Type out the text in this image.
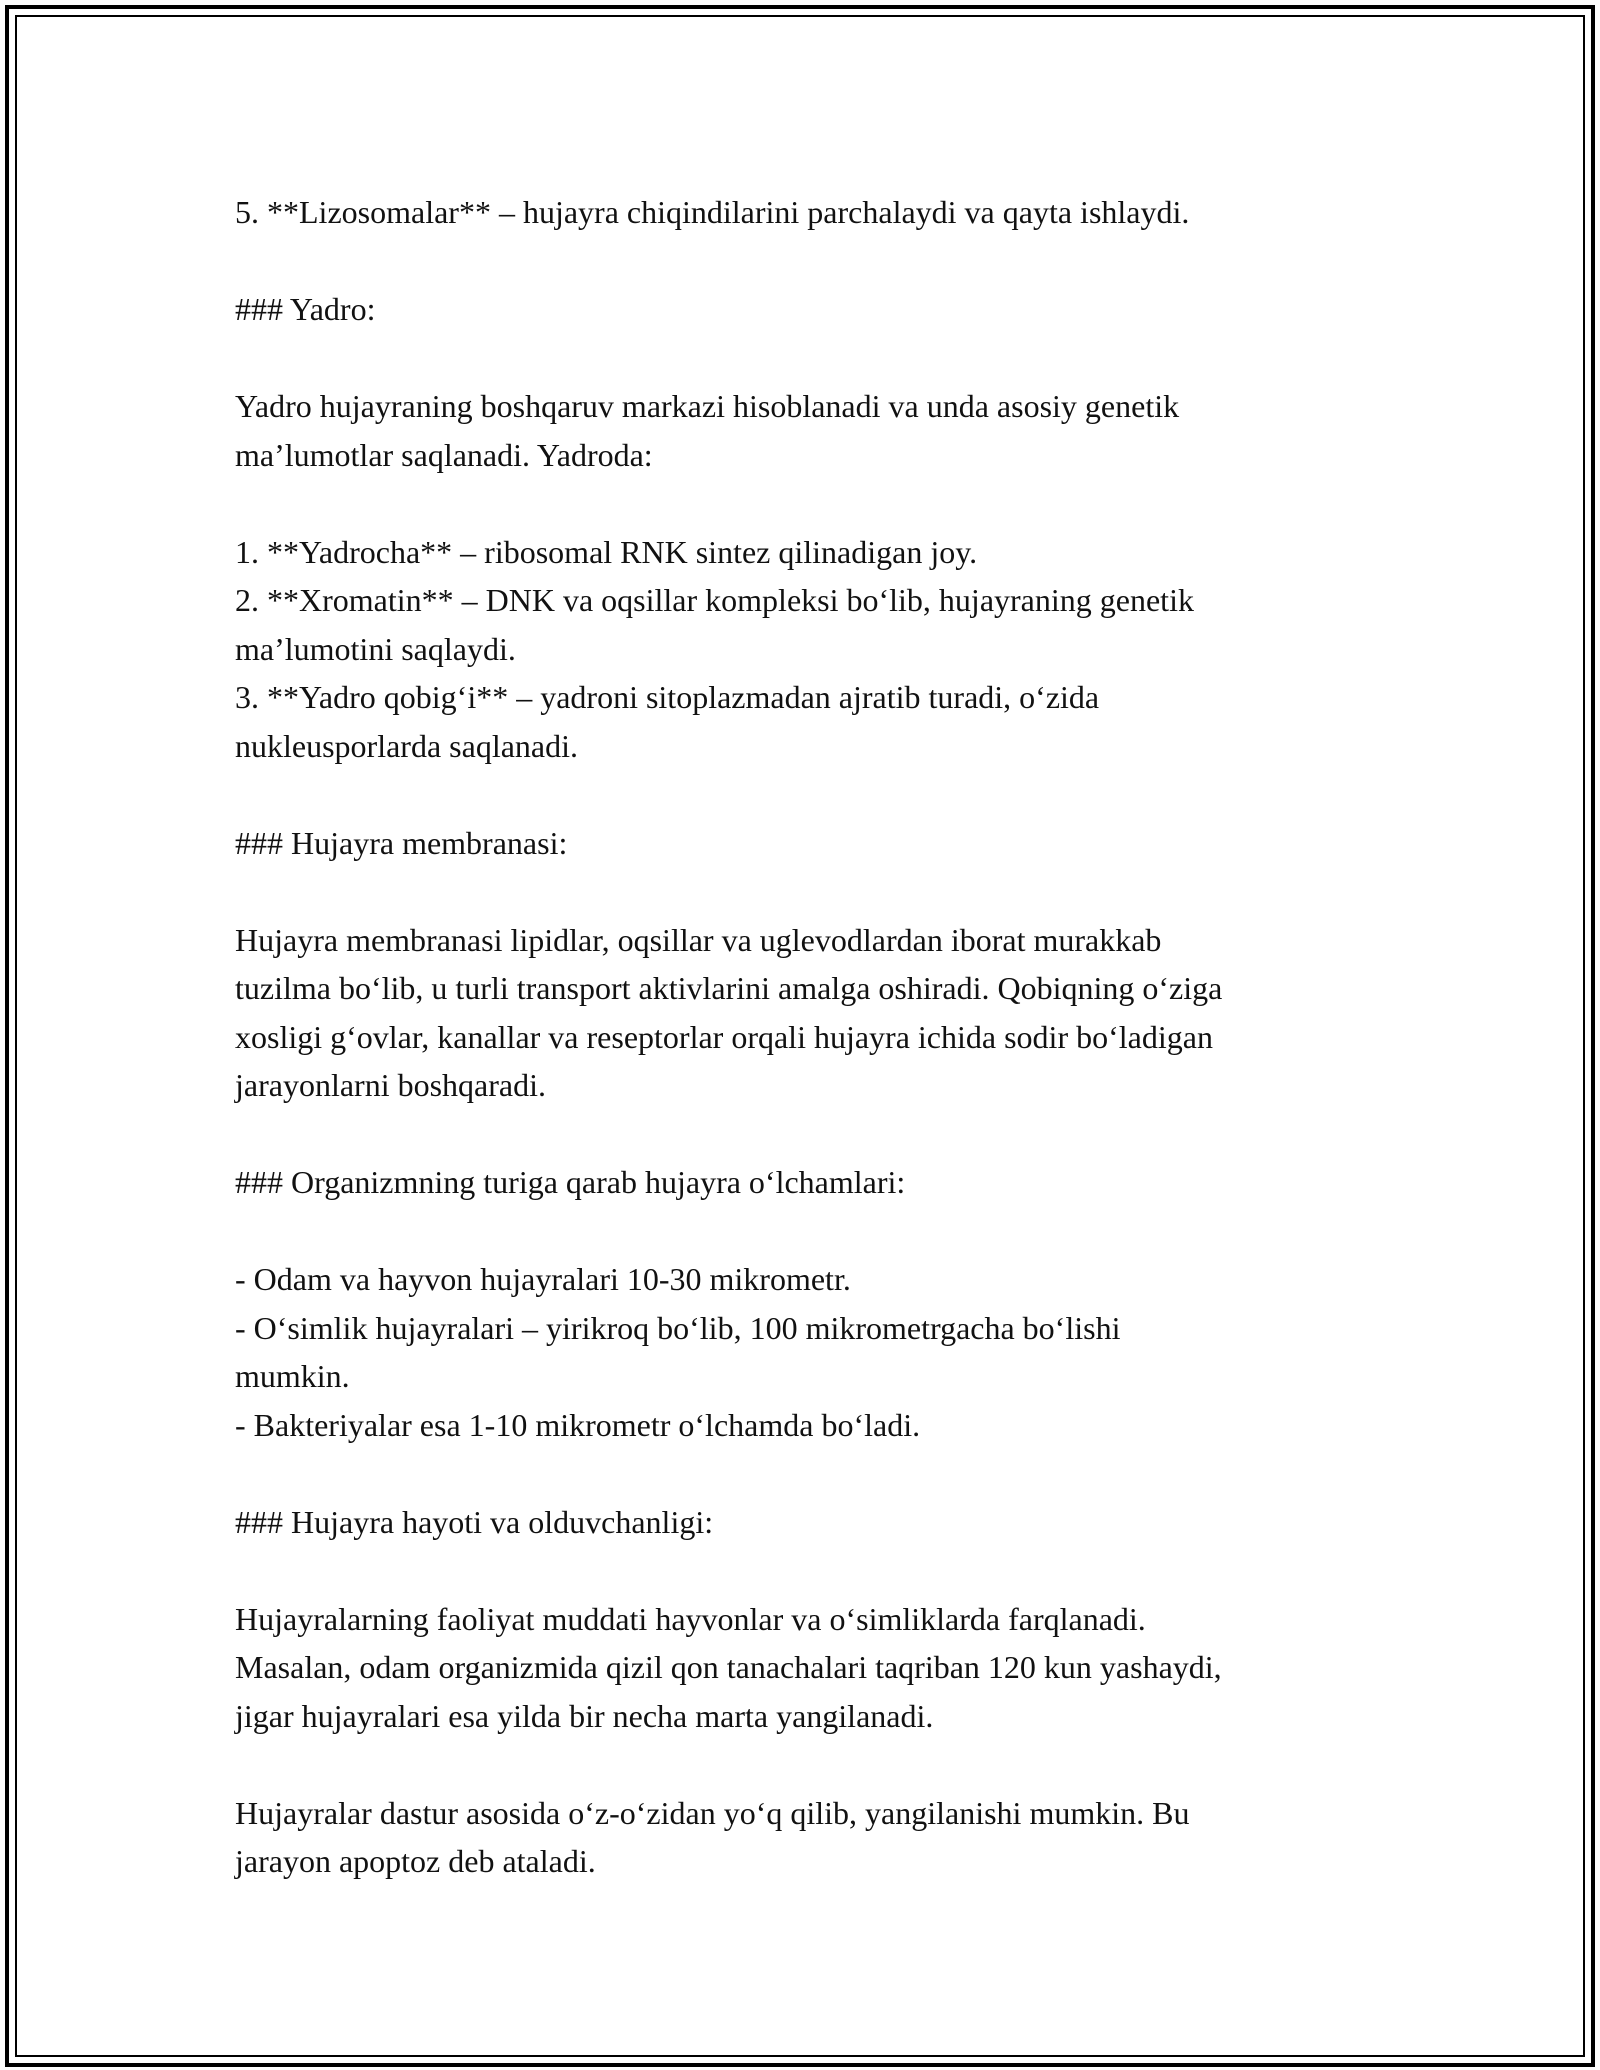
5. **Lizosomalar** – hujayra chiqindilarini parchalaydi va qayta ishlaydi.
### Yadro:
Yadro hujayraning boshqaruv markazi hisoblanadi va unda asosiy genetik
ma’lumotlar saqlanadi. Yadroda:
1. **Yadrocha** – ribosomal RNK sintez qilinadigan joy.
2. **Xromatin** – DNK va oqsillar kompleksi bo‘lib, hujayraning genetik
ma’lumotini saqlaydi.
3. **Yadro qobig‘i** – yadroni sitoplazmadan ajratib turadi, o‘zida
nukleusporlarda saqlanadi.
### Hujayra membranasi:
Hujayra membranasi lipidlar, oqsillar va uglevodlardan iborat murakkab
tuzilma bo‘lib, u turli transport aktivlarini amalga oshiradi. Qobiqning o‘ziga
xosligi g‘ovlar, kanallar va reseptorlar orqali hujayra ichida sodir bo‘ladigan
jarayonlarni boshqaradi.
### Organizmning turiga qarab hujayra o‘lchamlari:
- Odam va hayvon hujayralari 10-30 mikrometr.
- O‘simlik hujayralari – yirikroq bo‘lib, 100 mikrometrgacha bo‘lishi
mumkin.
- Bakteriyalar esa 1-10 mikrometr o‘lchamda bo‘ladi.
### Hujayra hayoti va olduvchanligi:
Hujayralarning faoliyat muddati hayvonlar va o‘simliklarda farqlanadi.
Masalan, odam organizmida qizil qon tanachalari taqriban 120 kun yashaydi,
jigar hujayralari esa yilda bir necha marta yangilanadi.
Hujayralar dastur asosida o‘z-o‘zidan yo‘q qilib, yangilanishi mumkin. Bu
jarayon apoptoz deb ataladi.
